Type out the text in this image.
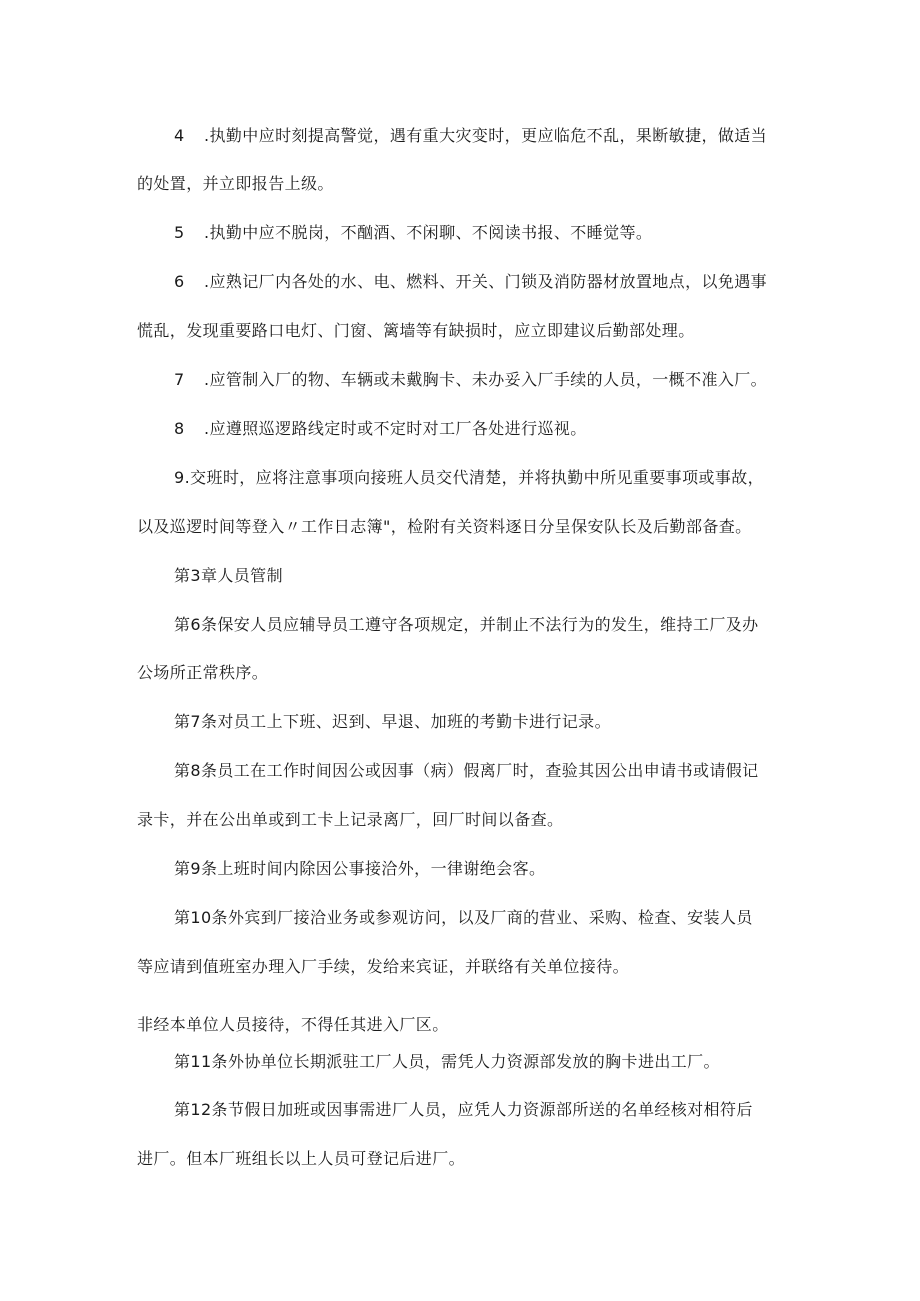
4 .执勤中应时刻提高警觉，遇有重大灾变时，更应临危不乱，果断敏捷，做适当
的处置，并立即报告上级。
5 .执勤中应不脱岗，不酗酒、不闲聊、不阅读书报、不睡觉等。
6 .应熟记厂内各处的水、电、燃料、开关、门锁及消防器材放置地点，以免遇事
慌乱，发现重要路口电灯、门窗、篱墙等有缺损时，应立即建议后勤部处理。
7 .应管制入厂的物、车辆或未戴胸卡、未办妥入厂手续的人员，一概不准入厂。
8 .应遵照巡逻路线定时或不定时对工厂各处进行巡视。
9.交班时，应将注意事项向接班人员交代清楚，并将执勤中所见重要事项或事故，
以及巡逻时间等登入〃工作日志簿"，检附有关资料逐日分呈保安队长及后勤部备查。
第3章人员管制
第6条保安人员应辅导员工遵守各项规定，并制止不法行为的发生，维持工厂及办
公场所正常秩序。
第7条对员工上下班、迟到、早退、加班的考勤卡进行记录。
第8条员工在工作时间因公或因事（病）假离厂时，查验其因公出申请书或请假记
录卡，并在公出单或到工卡上记录离厂，回厂时间以备查。
第9条上班时间内除因公事接洽外，一律谢绝会客。
第10条外宾到厂接洽业务或参观访问，以及厂商的营业、采购、检查、安装人员
等应请到值班室办理入厂手续，发给来宾证，并联络有关单位接待。
非经本单位人员接待，不得任其进入厂区。
第11条外协单位长期派驻工厂人员，需凭人力资源部发放的胸卡进出工厂。
第12条节假日加班或因事需进厂人员，应凭人力资源部所送的名单经核对相符后
进厂。但本厂班组长以上人员可登记后进厂。
